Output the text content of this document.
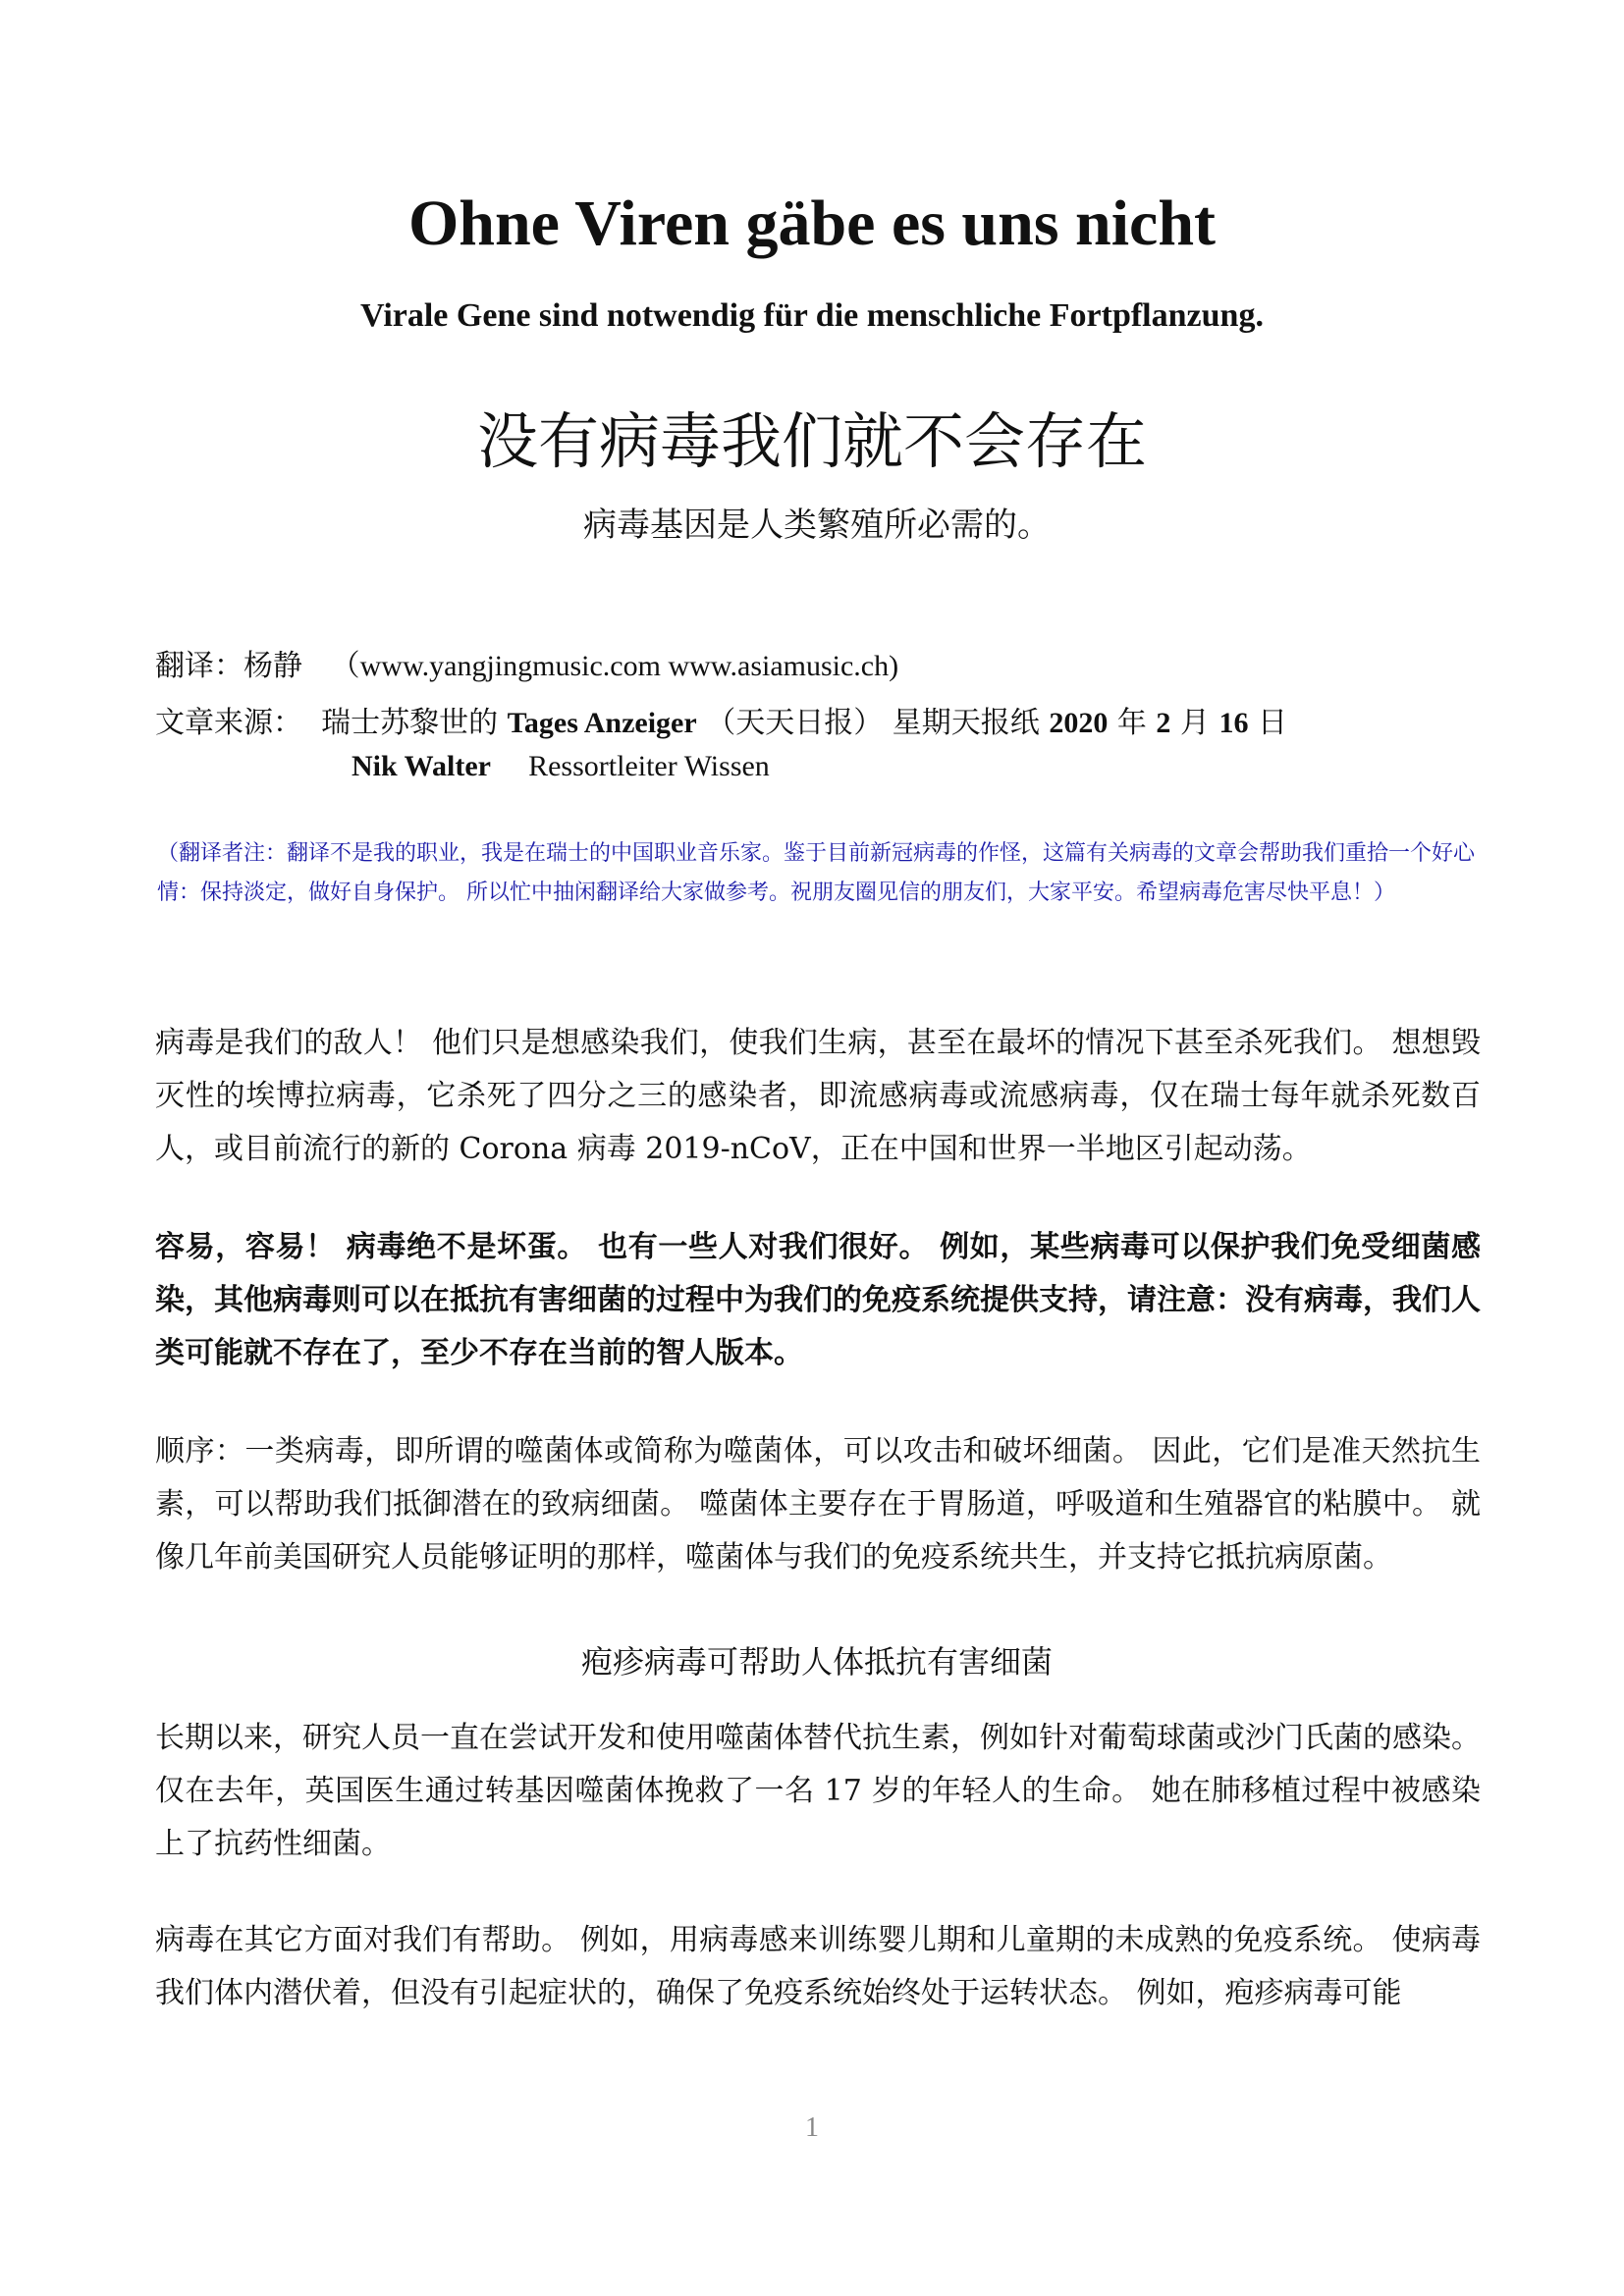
Ohne Viren gäbe es uns nicht
Virale Gene sind notwendig für die menschliche Fortpflanzung.
没有病毒我们就不会存在
病毒基因是人类繁殖所必需的。
翻译：杨静 （www.yangjingmusic.com www.asiamusic.ch)
文章来源： 瑞士苏黎世的 Tages Anzeiger （天天日报） 星期天报纸 2020 年 2 月 16 日
Nik Walter Ressortleiter Wissen
（翻译者注：翻译不是我的职业，我是在瑞士的中国职业音乐家。鉴于目前新冠病毒的作怪，这篇有关病毒的文章会帮助我们重拾一个好心情：保持淡定，做好自身保护。 所以忙中抽闲翻译给大家做参考。祝朋友圈见信的朋友们，大家平安。希望病毒危害尽快平息！）
病毒是我们的敌人！ 他们只是想感染我们，使我们生病，甚至在最坏的情况下甚至杀死我们。 想想毁灭性的埃博拉病毒，它杀死了四分之三的感染者，即流感病毒或流感病毒，仅在瑞士每年就杀死数百人，或目前流行的新的 Corona 病毒 2019-nCoV，正在中国和世界一半地区引起动荡。
容易，容易！ 病毒绝不是坏蛋。 也有一些人对我们很好。 例如，某些病毒可以保护我们免受细菌感染，其他病毒则可以在抵抗有害细菌的过程中为我们的免疫系统提供支持，请注意：没有病毒，我们人类可能就不存在了，至少不存在当前的智人版本。
顺序：一类病毒，即所谓的噬菌体或简称为噬菌体，可以攻击和破坏细菌。 因此，它们是准天然抗生素，可以帮助我们抵御潜在的致病细菌。 噬菌体主要存在于胃肠道，呼吸道和生殖器官的粘膜中。 就像几年前美国研究人员能够证明的那样，噬菌体与我们的免疫系统共生，并支持它抵抗病原菌。
疱疹病毒可帮助人体抵抗有害细菌
长期以来，研究人员一直在尝试开发和使用噬菌体替代抗生素，例如针对葡萄球菌或沙门氏菌的感染。 仅在去年，英国医生通过转基因噬菌体挽救了一名 17 岁的年轻人的生命。 她在肺移植过程中被感染上了抗药性细菌。
病毒在其它方面对我们有帮助。 例如，用病毒感来训练婴儿期和儿童期的未成熟的免疫系统。 使病毒我们体内潜伏着，但没有引起症状的，确保了免疫系统始终处于运转状态。 例如，疱疹病毒可能
1
